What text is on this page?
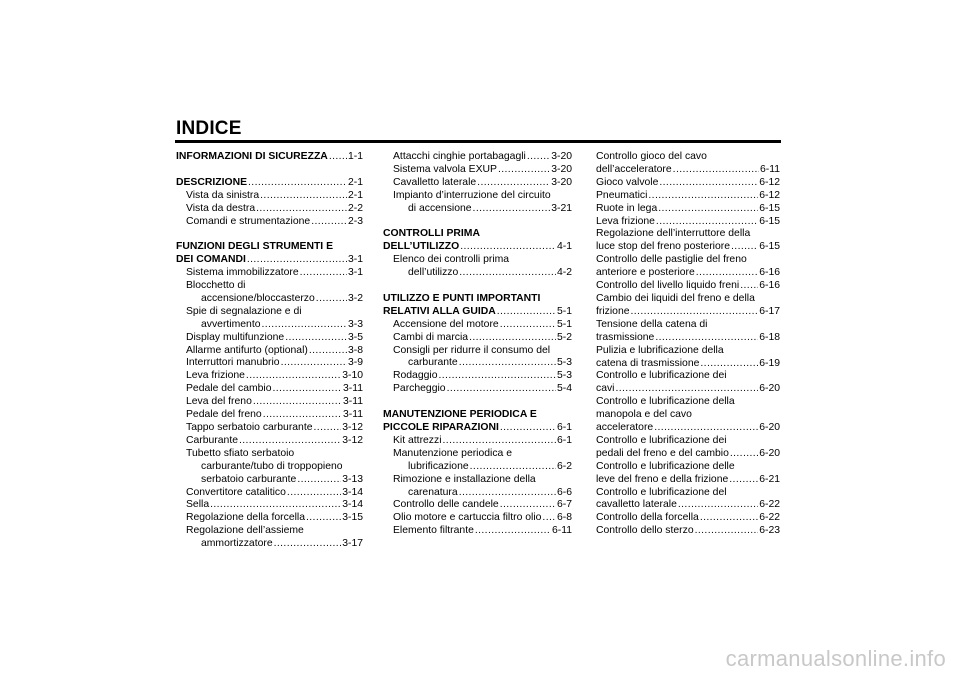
INDICE
INFORMAZIONI DI SICUREZZA . . . 1-1
DESCRIZIONE . . .	2-1
Vista da sinistra . . .	2-1
Vista da destra . . .	2-2
Comandi e strumentazione . . .	2-3
FUNZIONI DEGLI STRUMENTI E
DEI COMANDI . . .	3-1
Sistema immobilizzatore . . .	3-1
Blocchetto di
accensione/bloccasterzo . . .	3-2
Spie di segnalazione e di
avvertimento . . .	3-3
Display multifunzione . . .	3-5
Allarme antifurto (optional) . . .	3-8
Interruttori manubrio . . .	3-9
Leva frizione . . .	3-10
Pedale del cambio . . .	3-11
Leva del freno . . .	3-11
Pedale del freno . . .	3-11
Tappo serbatoio carburante . . .	3-12
Carburante . . .	3-12
Tubetto sfiato serbatoio
carburante/tubo di troppopieno
serbatoio carburante . . .	3-13
Convertitore catalitico . . .	3-14
Sella . . .	3-14
Regolazione della forcella . . .	3-15
Regolazione dell’assieme
ammortizzatore . . .	3-17
Attacchi cinghie portabagagli . . . 3-20
Sistema valvola EXUP . . .	3-20
Cavalletto laterale . . .	3-20
Impianto d’interruzione del circuito
di accensione . . .	3-21
CONTROLLI PRIMA
DELL’UTILIZZO . . .	4-1
Elenco dei controlli prima
dell’utilizzo . . .	4-2
UTILIZZO E PUNTI IMPORTANTI
RELATIVI ALLA GUIDA . . .	5-1
Accensione del motore . . .	5-1
Cambi di marcia . . .	5-2
Consigli per ridurre il consumo del
carburante . . .	5-3
Rodaggio . . .	5-3
Parcheggio . . .	5-4
MANUTENZIONE PERIODICA E
PICCOLE RIPARAZIONI . . .	6-1
Kit attrezzi . . .	6-1
Manutenzione periodica e
lubrificazione . . .	6-2
Rimozione e installazione della
carenatura . . .	6-6
Controllo delle candele . . .	6-7
Olio motore e cartuccia filtro olio . . . 6-8
Elemento filtrante . . .	6-11
Controllo gioco del cavo
dell’acceleratore . . .	6-11
Gioco valvole . . .	6-12
Pneumatici . . .	6-12
Ruote in lega . . .	6-15
Leva frizione . . .	6-15
Regolazione dell’interruttore della
luce stop del freno posteriore . . .	6-15
Controllo delle pastiglie del freno
anteriore e posteriore . . .	6-16
Controllo del livello liquido freni . . . 6-16
Cambio dei liquidi del freno e della
frizione . . .	6-17
Tensione della catena di
trasmissione . . .	6-18
Pulizia e lubrificazione della
catena di trasmissione . . .	6-19
Controllo e lubrificazione dei
cavi . . .	6-20
Controllo e lubrificazione della
manopola e del cavo
acceleratore . . .	6-20
Controllo e lubrificazione dei
pedali del freno e del cambio . . .	6-20
Controllo e lubrificazione delle
leve del freno e della frizione . . .	6-21
Controllo e lubrificazione del
cavalletto laterale . . .	6-22
Controllo della forcella . . .	6-22
Controllo dello sterzo . . .	6-23
carmanualsonline.info
